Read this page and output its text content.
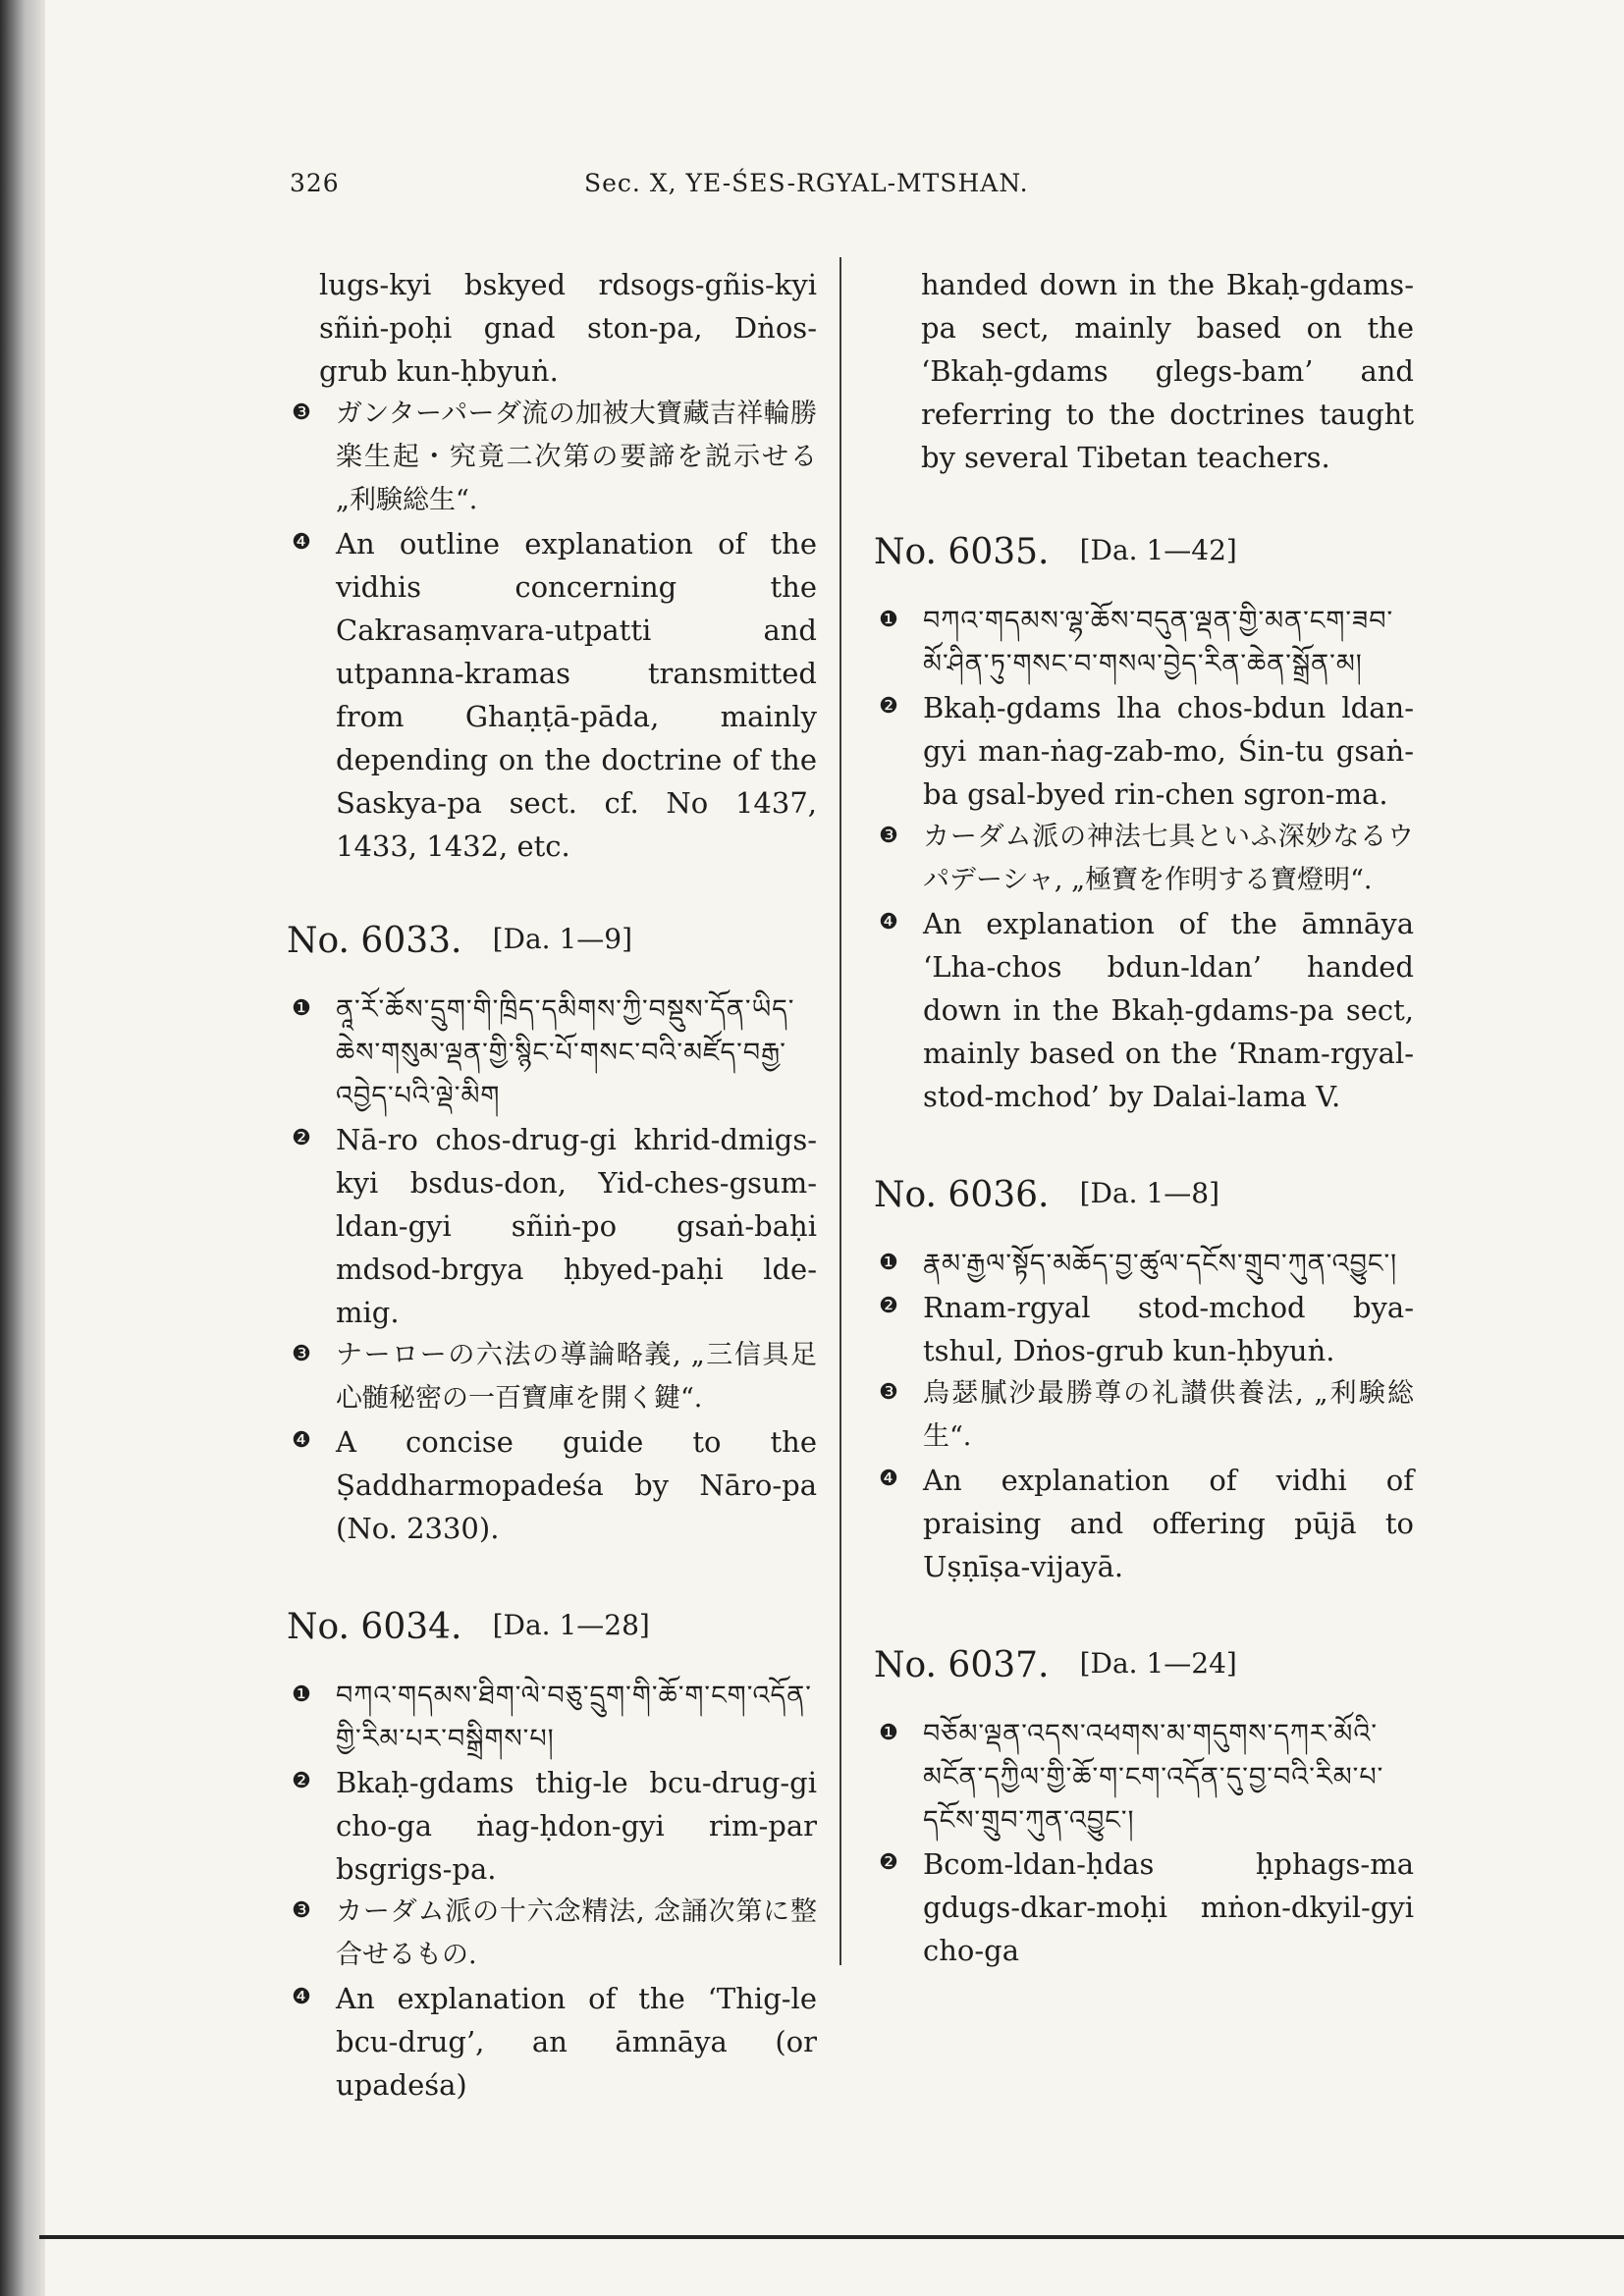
326	Sec. X, YE-ŚES-RGYAL-MTSHAN.

lugs-kyi bskyed rdsogs-gñis-kyi sñiṅ-poḥi gnad ston-pa, Dṅos-grub kun-ḥbyuṅ.

❸ ガンターパーダ流の加被大寶藏吉祥輪勝楽生起・究竟二次第の要諦を説示せる „利験総生“.
❹ An outline explanation of the vidhis concerning the Cakrasaṃvara-utpatti and utpanna-kramas transmitted from Ghaṇṭā-pāda, mainly depending on the doctrine of the Saskya-pa sect. cf. No 1437, 1433, 1432, etc.
No. 6033. [Da. 1—9]
❶ ནཱ་རོ་ཆོས་དྲུག་གི་ཁྲིད་དམིགས་ཀྱི་བསྡུས་དོན་ཡིད་ཆེས་གསུམ་ལྡན་གྱི་སྙིང་པོ་གསང་བའི་མཛོད་བརྒྱ་འབྱེད་པའི་ལྡེ་མིག
❷ Nā-ro chos-drug-gi khrid-dmigs-kyi bsdus-don, Yid-ches-gsum-ldan-gyi sñiṅ-po gsaṅ-baḥi mdsod-brgya ḥbyed-paḥi lde-mig.
❸ ナーローの六法の導論略義, „三信具足心髄秘密の一百寶庫を開く鍵“.
❹ A concise guide to the Ṣaddharmopadeśa by Nāro-pa (No. 2330).
No. 6034. [Da. 1—28]
❶ བཀའ་གདམས་ཐིག་ལེ་བཅུ་དྲུག་གི་ཆོ་ག་ངག་འདོན་གྱི་རིམ་པར་བསྒྲིགས་པ།
❷ Bkaḥ-gdams thig-le bcu-drug-gi cho-ga ṅag-ḥdon-gyi rim-par bsgrigs-pa.
❸ カーダム派の十六念精法, 念誦次第に整合せるもの.
❹ An explanation of the ‘Thig-le bcu-drug’, an āmnāya (or upadeśa)

handed down in the Bkaḥ-gdams-pa sect, mainly based on the ‘Bkaḥ-gdams glegs-bam’ and referring to the doctrines taught by several Tibetan teachers.

No. 6035. [Da. 1—42]
❶ བཀའ་གདམས་ལྷ་ཆོས་བདུན་ལྡན་གྱི་མན་ངག་ཟབ་མོ་ཤིན་ཏུ་གསང་བ་གསལ་བྱེད་རིན་ཆེན་སྒྲོན་མ།
❷ Bkaḥ-gdams lha chos-bdun ldan-gyi man-ṅag-zab-mo, Śin-tu gsaṅ-ba gsal-byed rin-chen sgron-ma.
❸ カーダム派の神法七具といふ深妙なるウパデーシャ, „極寶を作明する寶燈明“.
❹ An explanation of the āmnāya ‘Lha-chos bdun-ldan’ handed down in the Bkaḥ-gdams-pa sect, mainly based on the ‘Rnam-rgyal-stod-mchod’ by Dalai-lama V.
No. 6036. [Da. 1—8]
❶ རྣམ་རྒྱལ་སྟོད་མཆོད་བྱ་ཚུལ་དངོས་གྲུབ་ཀུན་འབྱུང་།
❷ Rnam-rgyal stod-mchod bya-tshul, Dṅos-grub kun-ḥbyuṅ.
❸ 烏瑟膩沙最勝尊の礼讃供養法, „利験総生“.
❹ An explanation of vidhi of praising and offering pūjā to Uṣṇīṣa-vijayā.
No. 6037. [Da. 1—24]
❶ བཅོམ་ལྡན་འདས་འཕགས་མ་གདུགས་དཀར་མོའི་མངོན་དཀྱིལ་གྱི་ཆོ་ག་ངག་འདོན་དུ་བྱ་བའི་རིམ་པ་དངོས་གྲུབ་ཀུན་འབྱུང་།
❷ Bcom-ldan-ḥdas ḥphags-ma gdugs-dkar-moḥi mṅon-dkyil-gyi cho-ga
